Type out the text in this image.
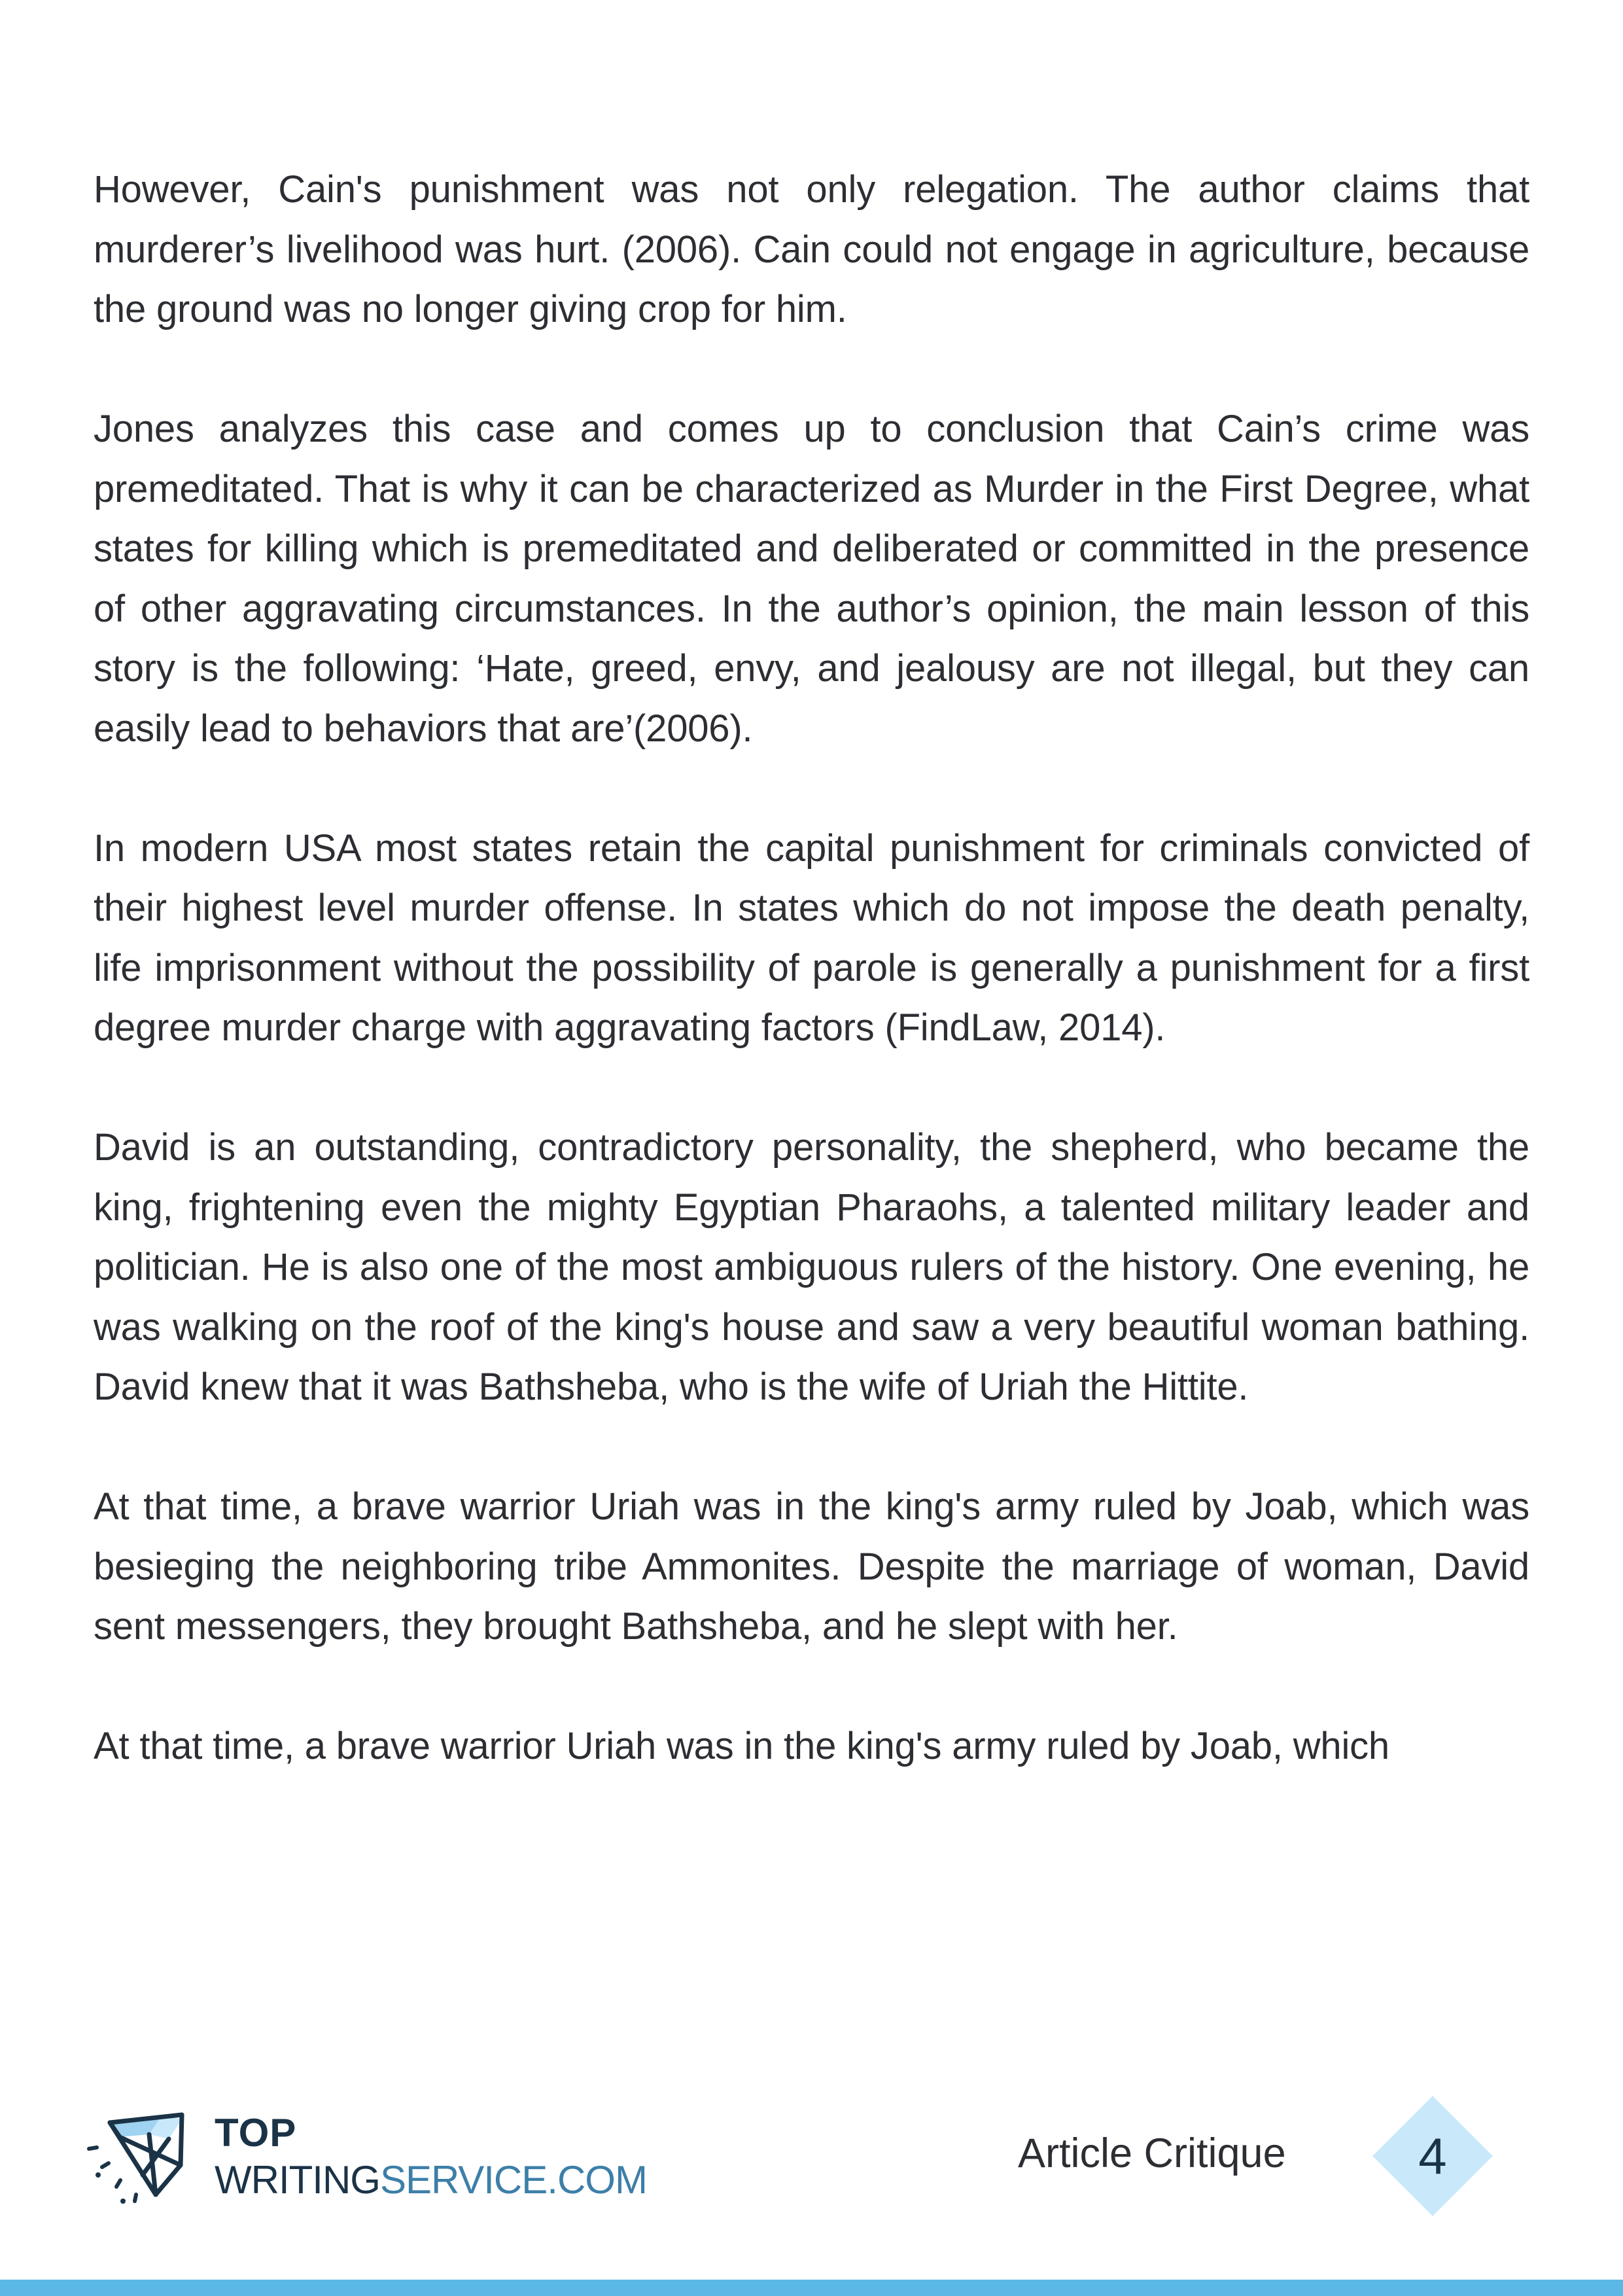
However, Cain's punishment was not only relegation. The author claims that murderer’s livelihood was hurt. (2006). Cain could not engage in agriculture, because the ground was no longer giving crop for him.

Jones analyzes this case and comes up to conclusion that Cain’s crime was premeditated. That is why it can be characterized as Murder in the First Degree, what states for killing which is premeditated and deliberated or committed in the presence of other aggravating circumstances. In the author’s opinion, the main lesson of this story is the following: ‘Hate, greed, envy, and jealousy are not illegal, but they can easily lead to behaviors that are’(2006).

In modern USA most states retain the capital punishment for criminals convicted of their highest level murder offense. In states which do not impose the death penalty, life imprisonment without the possibility of parole is generally a punishment for a first degree murder charge with aggravating factors (FindLaw, 2014).

David is an outstanding, contradictory personality, the shepherd, who became the king, frightening even the mighty Egyptian Pharaohs, a talented military leader and politician. He is also one of the most ambiguous rulers of the history. One evening, he was walking on the roof of the king's house and saw a very beautiful woman bathing. David knew that it was Bathsheba, who is the wife of Uriah the Hittite.

At that time, a brave warrior Uriah was in the king's army ruled by Joab, which was besieging the neighboring tribe Ammonites. Despite the marriage of woman, David sent messengers, they brought Bathsheba, and he slept with her.

At that time, a brave warrior Uriah was in the king's army ruled by Joab, which

TOP
WRITINGSERVICE.COM
Article Critique	4
